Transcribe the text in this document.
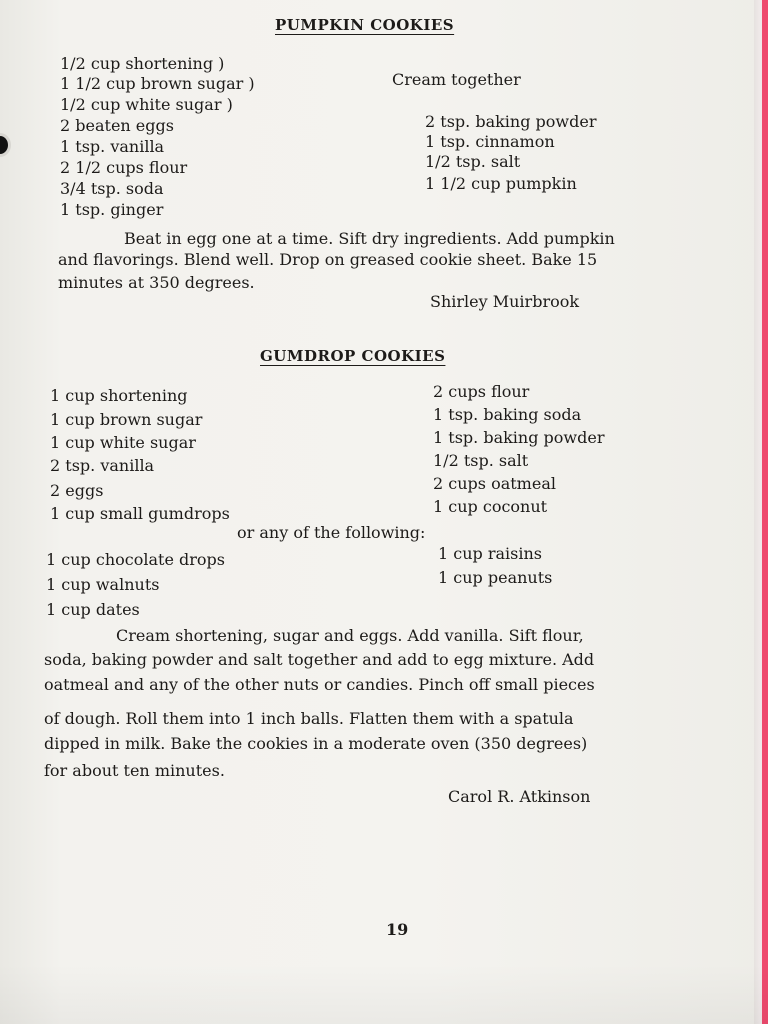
PUMPKIN COOKIES
1/2 cup shortening )
1 1/2 cup brown sugar )
1/2 cup white sugar )
2 beaten eggs
1 tsp. vanilla
2 1/2 cups flour
3/4 tsp. soda
1 tsp. ginger
Cream together
2 tsp. baking powder
1 tsp. cinnamon
1/2 tsp. salt
1 1/2 cup pumpkin
Beat in egg one at a time. Sift dry ingredients. Add pumpkin
and flavorings. Blend well. Drop on greased cookie sheet. Bake 15
minutes at 350 degrees.
Shirley Muirbrook
GUMDROP COOKIES
1 cup shortening
1 cup brown sugar
1 cup white sugar
2 tsp. vanilla
2 eggs
1 cup small gumdrops
2 cups flour
1 tsp. baking soda
1 tsp. baking powder
1/2 tsp. salt
2 cups oatmeal
1 cup coconut
or any of the following:
1 cup chocolate drops
1 cup walnuts
1 cup dates
1 cup raisins
1 cup peanuts
Cream shortening, sugar and eggs. Add vanilla. Sift flour,
soda, baking powder and salt together and add to egg mixture. Add
oatmeal and any of the other nuts or candies. Pinch off small pieces
of dough. Roll them into 1 inch balls. Flatten them with a spatula
dipped in milk. Bake the cookies in a moderate oven (350 degrees)
for about ten minutes.
Carol R. Atkinson
19
